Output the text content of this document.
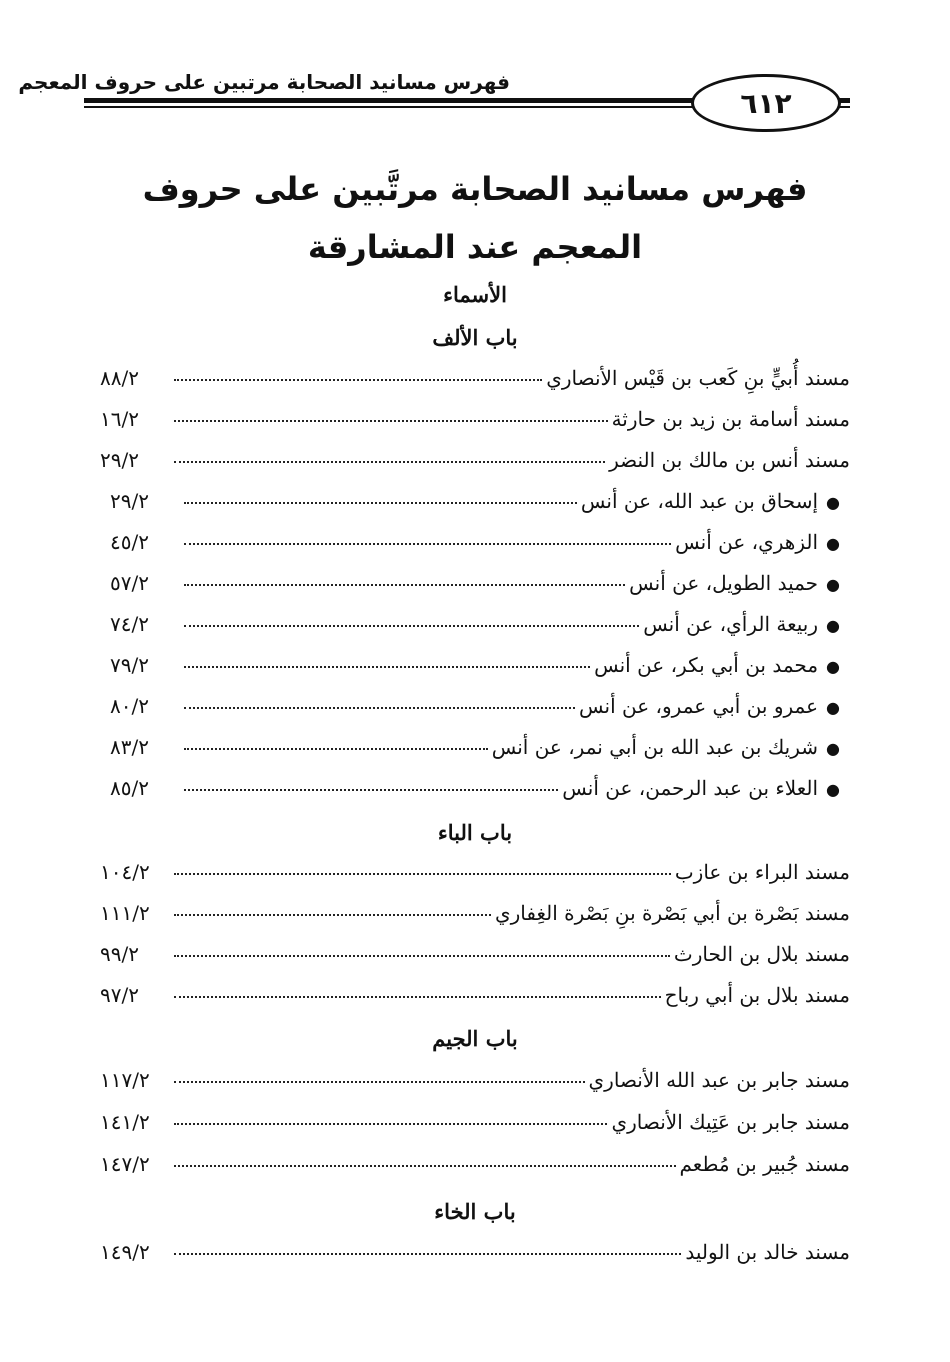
فهرس مسانيد الصحابة مرتبين على حروف المعجم
٦١٢
فهرس مسانيد الصحابة مرتَّبين على حروف المعجم عند المشارقة
الأسماء
باب الألف
مسند أُبيٍّ بنِ كَعب بن قَيْس الأنصاري
٨٨/٢
مسند أسامة بن زيد بن حارثة
١٦/٢
مسند أنس بن مالك بن النضر
٢٩/٢
●
إسحاق بن عبد الله، عن أنس
٢٩/٢
●
الزهري، عن أنس
٤٥/٢
●
حميد الطويل، عن أنس
٥٧/٢
●
ربيعة الرأي، عن أنس
٧٤/٢
●
محمد بن أبي بكر، عن أنس
٧٩/٢
●
عمرو بن أبي عمرو، عن أنس
٨٠/٢
●
شريك بن عبد الله بن أبي نمر، عن أنس
٨٣/٢
●
العلاء بن عبد الرحمن، عن أنس
٨٥/٢
باب الباء
مسند البراء بن عازب
١٠٤/٢
مسند بَصْرة بن أبي بَصْرة بنِ بَصْرة الغِفاري
١١١/٢
مسند بلال بن الحارث
٩٩/٢
مسند بلال بن أبي رباح
٩٧/٢
باب الجيم
مسند جابر بن عبد الله الأنصاري
١١٧/٢
مسند جابر بن عَتِيك الأنصاري
١٤١/٢
مسند جُبير بن مُطعم
١٤٧/٢
باب الخاء
مسند خالد بن الوليد
١٤٩/٢
